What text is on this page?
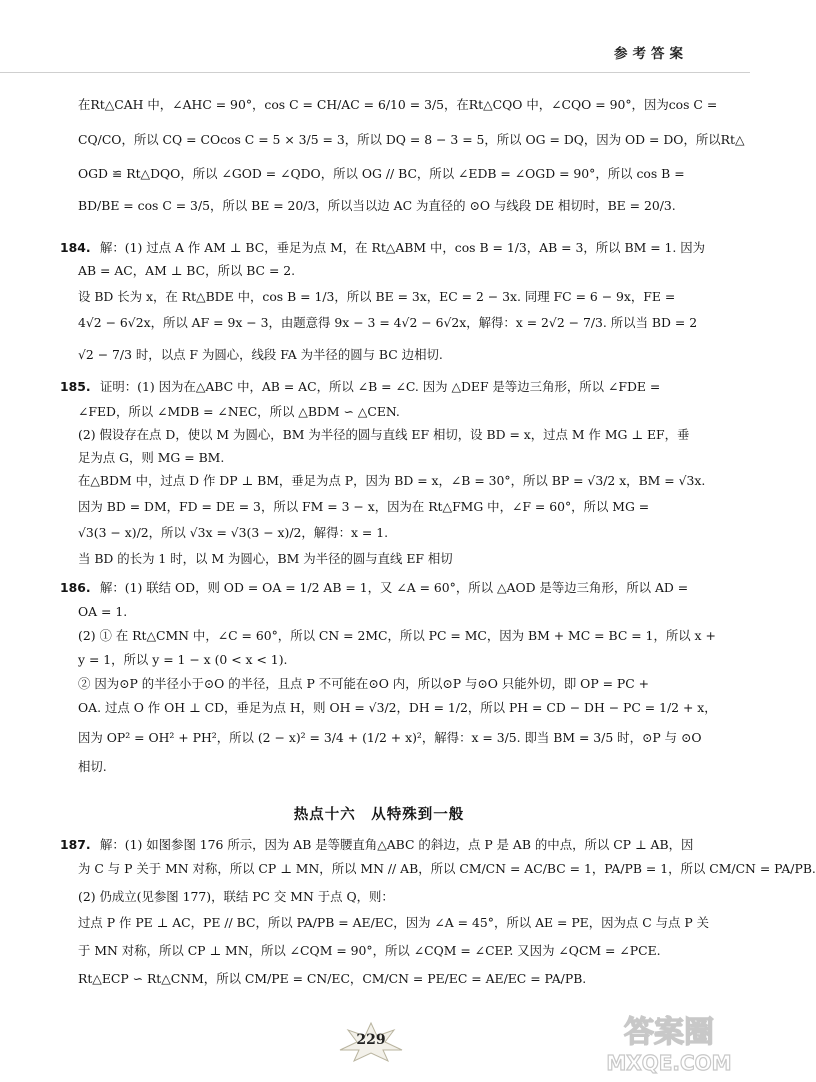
参考答案
在Rt△CAH 中，∠AHC = 90°，cos C = CH/AC = 6/10 = 3/5，在Rt△CQO 中，∠CQO = 90°，因为cos C =
CQ/CO，所以 CQ = COcos C = 5 × 3/5 = 3，所以 DQ = 8 − 3 = 5，所以 OG = DQ，因为 OD = DO，所以Rt△
OGD ≌ Rt△DQO，所以 ∠GOD = ∠QDO，所以 OG // BC，所以 ∠EDB = ∠OGD = 90°，所以 cos B =
BD/BE = cos C = 3/5，所以 BE = 20/3，所以当以边 AC 为直径的 ⊙O 与线段 DE 相切时，BE = 20/3.
184. 解：(1) 过点 A 作 AM ⊥ BC，垂足为点 M，在 Rt△ABM 中，cos B = 1/3，AB = 3，所以 BM = 1. 因为
AB = AC，AM ⊥ BC，所以 BC = 2.
设 BD 长为 x，在 Rt△BDE 中，cos B = 1/3，所以 BE = 3x，EC = 2 − 3x. 同理 FC = 6 − 9x，FE =
4√2 − 6√2x，所以 AF = 9x − 3，由题意得 9x − 3 = 4√2 − 6√2x，解得：x = 2√2 − 7/3. 所以当 BD = 2
√2 − 7/3 时，以点 F 为圆心，线段 FA 为半径的圆与 BC 边相切.
185. 证明：(1) 因为在△ABC 中，AB = AC，所以 ∠B = ∠C. 因为 △DEF 是等边三角形，所以 ∠FDE =
∠FED，所以 ∠MDB = ∠NEC，所以 △BDM ∽ △CEN.
(2) 假设存在点 D，使以 M 为圆心，BM 为半径的圆与直线 EF 相切，设 BD = x，过点 M 作 MG ⊥ EF，垂
足为点 G，则 MG = BM.
在△BDM 中，过点 D 作 DP ⊥ BM，垂足为点 P，因为 BD = x，∠B = 30°，所以 BP = √3/2 x，BM = √3x.
因为 BD = DM，FD = DE = 3，所以 FM = 3 − x，因为在 Rt△FMG 中，∠F = 60°，所以 MG =
√3(3 − x)/2，所以 √3x = √3(3 − x)/2，解得：x = 1.
当 BD 的长为 1 时，以 M 为圆心，BM 为半径的圆与直线 EF 相切
186. 解：(1) 联结 OD，则 OD = OA = 1/2 AB = 1，又 ∠A = 60°，所以 △AOD 是等边三角形，所以 AD =
OA = 1.
(2) ① 在 Rt△CMN 中，∠C = 60°，所以 CN = 2MC，所以 PC = MC，因为 BM + MC = BC = 1，所以 x +
y = 1，所以 y = 1 − x (0 < x < 1).
② 因为⊙P 的半径小于⊙O 的半径，且点 P 不可能在⊙O 内，所以⊙P 与⊙O 只能外切，即 OP = PC +
OA. 过点 O 作 OH ⊥ CD，垂足为点 H，则 OH = √3/2，DH = 1/2，所以 PH = CD − DH − PC = 1/2 + x，
因为 OP² = OH² + PH²，所以 (2 − x)² = 3/4 + (1/2 + x)²，解得：x = 3/5. 即当 BM = 3/5 时，⊙P 与 ⊙O
相切.
热点十六　从特殊到一般
187. 解：(1) 如图参图 176 所示，因为 AB 是等腰直角△ABC 的斜边，点 P 是 AB 的中点，所以 CP ⊥ AB，因
为 C 与 P 关于 MN 对称，所以 CP ⊥ MN，所以 MN // AB，所以 CM/CN = AC/BC = 1，PA/PB = 1，所以 CM/CN = PA/PB.
(2) 仍成立(见参图 177)，联结 PC 交 MN 于点 Q，则：
过点 P 作 PE ⊥ AC，PE // BC，所以 PA/PB = AE/EC，因为 ∠A = 45°，所以 AE = PE，因为点 C 与点 P 关
于 MN 对称，所以 CP ⊥ MN，所以 ∠CQM = 90°，所以 ∠CQM = ∠CEP. 又因为 ∠QCM = ∠PCE.
Rt△ECP ∽ Rt△CNM，所以 CM/PE = CN/EC，CM/CN = PE/EC = AE/EC = PA/PB.
229	答案圈
MXQE.COM
